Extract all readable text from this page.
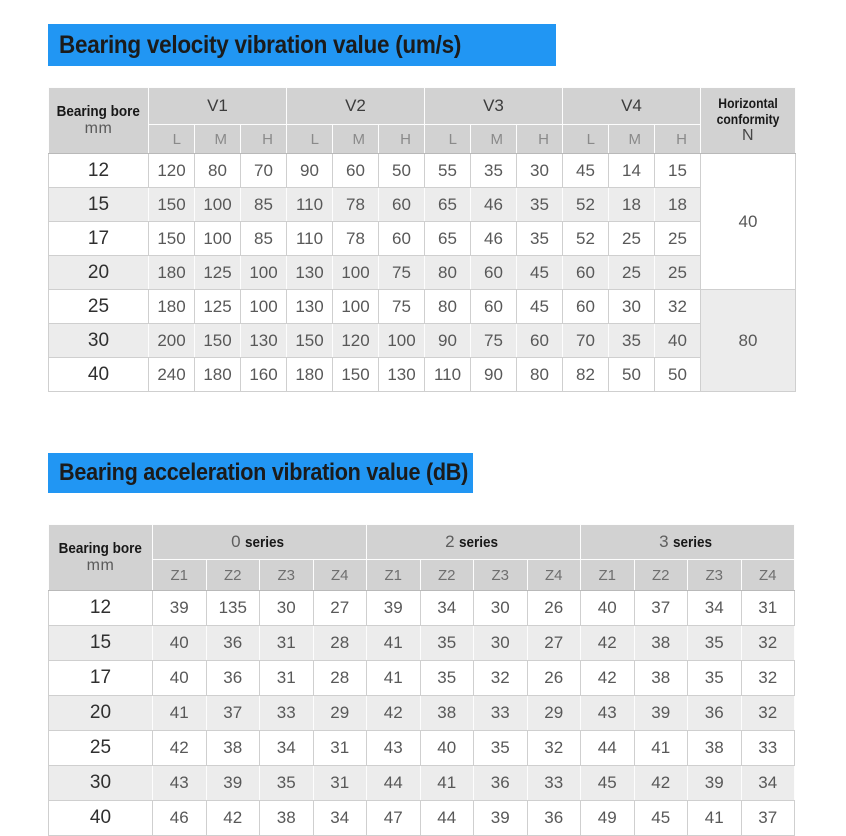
Bearing velocity vibration value (um/s)
Bearing bore
mm	V1			V2			V3			V4			Horizontal conformity
N
	L	M	H	L	M	H	L	M	H	L	M	H	
12	120	80	70	90	60	50	55	35	30	45	14	15	40
15	150	100	85	110	78	60	65	46	35	52	18	18	
17	150	100	85	110	78	60	65	46	35	52	25	25	
20	180	125	100	130	100	75	80	60	45	60	25	25	
25	180	125	100	130	100	75	80	60	45	60	30	32	80
30	200	150	130	150	120	100	90	75	60	70	35	40	
40	240	180	160	180	150	130	110	90	80	82	50	50	
Bearing acceleration vibration value (dB)
Bearing bore
mm	0 series				2 series				3 series			
	Z1	Z2	Z3	Z4	Z1	Z2	Z3	Z4	Z1	Z2	Z3	Z4
12	39	135	30	27	39	34	30	26	40	37	34	31
15	40	36	31	28	41	35	30	27	42	38	35	32
17	40	36	31	28	41	35	32	26	42	38	35	32
20	41	37	33	29	42	38	33	29	43	39	36	32
25	42	38	34	31	43	40	35	32	44	41	38	33
30	43	39	35	31	44	41	36	33	45	42	39	34
40	46	42	38	34	47	44	39	36	49	45	41	37
